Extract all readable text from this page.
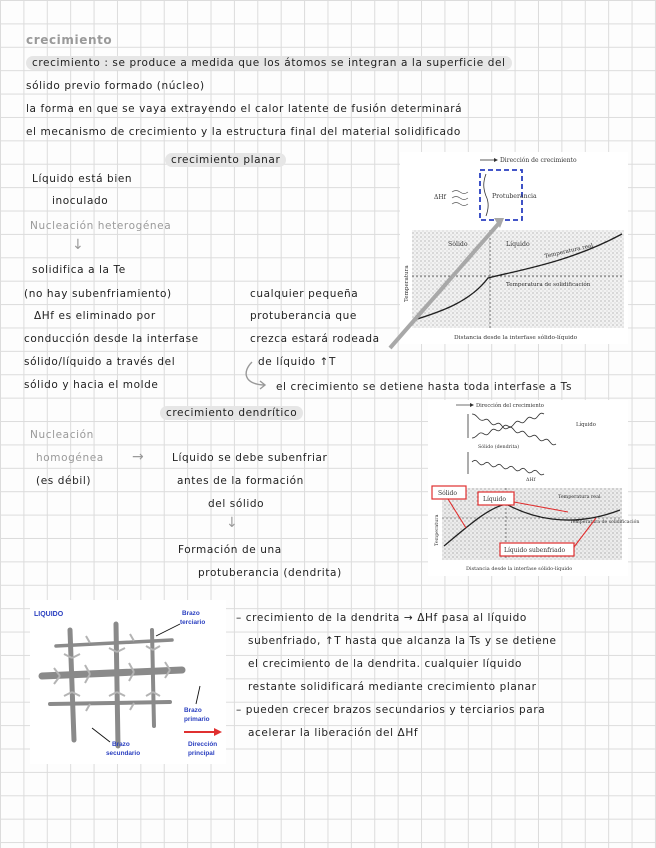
crecimiento
crecimiento : se produce a medida que los átomos se integran a la superficie del
sólido previo formado (núcleo)
la forma en que se vaya extrayendo el calor latente de fusión determinará
el mecanismo de crecimiento y la estructura final del material solidificado
crecimiento planar
Líquido está bien
inoculado
Nucleación heterogénea
↓
solidifica a la Te
(no hay subenfriamiento)
ΔHf es eliminado por
conducción desde la interfase
sólido/líquido a través del
sólido y hacia el molde
cualquier pequeña
protuberancia que
crezca estará rodeada
de líquido ↑T
el crecimiento se detiene hasta toda interfase a Ts
Dirección de crecimiento
ΔHf	Protuberancia
Sólido	Líquido	Temperatura real
Temperatura de solidificación
Temperatura
Distancia desde la interfase sólido-líquido
crecimiento dendrítico
Nucleación
homogénea
(es débil)
→	Líquido se debe subenfriar
antes de la formación
del sólido
↓
Formación de una
protuberancia (dendrita)
Dirección del crecimiento
Sólido (dendrita)
Líquido
ΔHf
Temperatura real
Temperatura de solidificación
Sólido
Líquido
Líquido subenfriado
Temperatura
Distancia desde la interfase sólido-líquido
LIQUIDO	Brazo
terciario
Brazo
primario
Brazo
secundario
Dirección
principal
– crecimiento de la dendrita → ΔHf pasa al líquido
subenfriado, ↑T hasta que alcanza la Ts y se detiene
el crecimiento de la dendrita. cualquier líquido
restante solidificará mediante crecimiento planar
– pueden crecer brazos secundarios y terciarios para
acelerar la liberación del ΔHf
